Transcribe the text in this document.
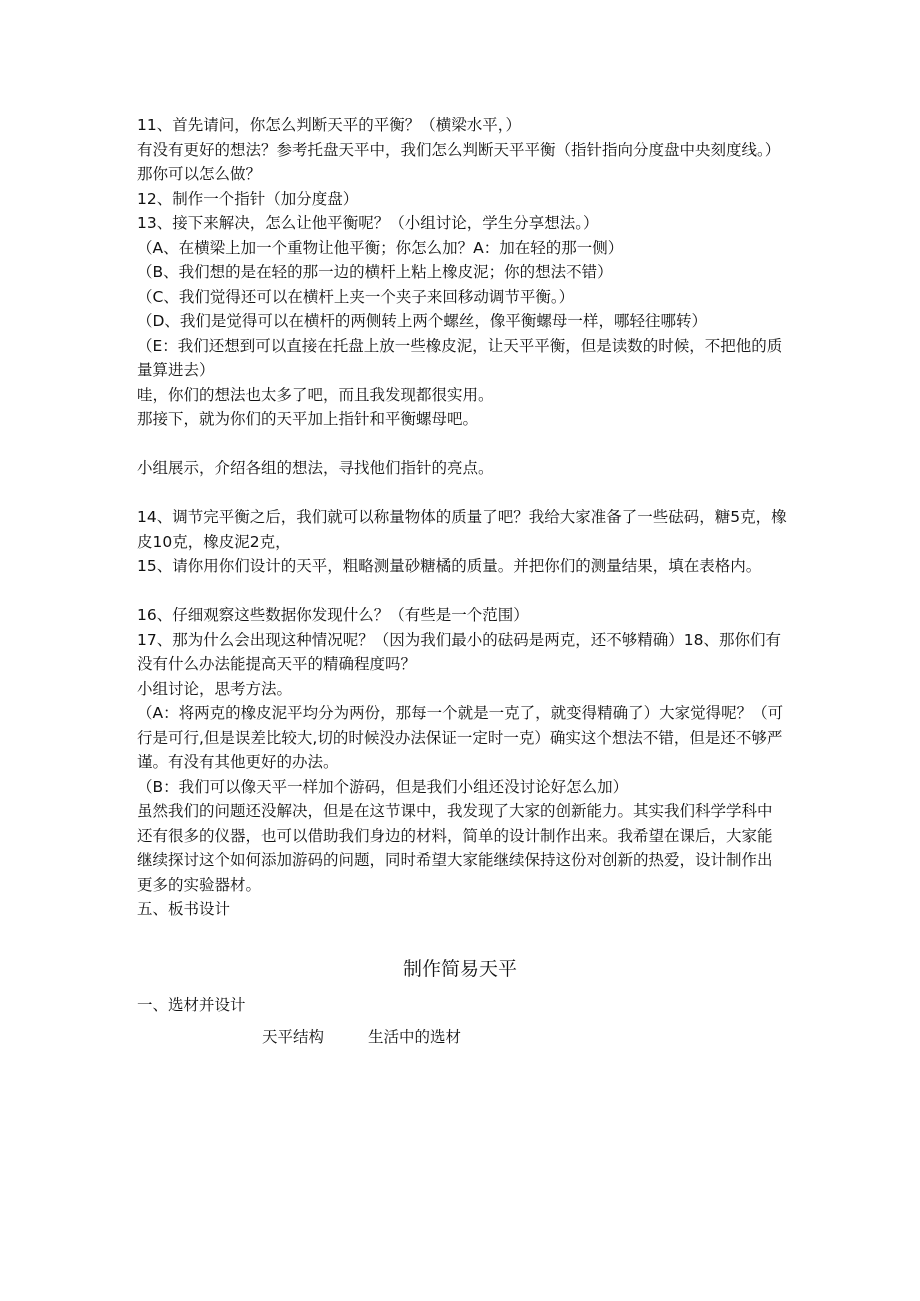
11、首先请问，你怎么判断天平的平衡？（横梁水平，）

有没有更好的想法？参考托盘天平中，我们怎么判断天平平衡（指针指向分度盘中央刻度线。）那你可以怎么做？

12、制作一个指针（加分度盘）

13、接下来解决，怎么让他平衡呢？（小组讨论，学生分享想法。）

（A、在横梁上加一个重物让他平衡；你怎么加？A：加在轻的那一侧）

（B、我们想的是在轻的那一边的横杆上粘上橡皮泥；你的想法不错）

（C、我们觉得还可以在横杆上夹一个夹子来回移动调节平衡。）

（D、我们是觉得可以在横杆的两侧转上两个螺丝，像平衡螺母一样，哪轻往哪转）

（E：我们还想到可以直接在托盘上放一些橡皮泥，让天平平衡，但是读数的时候，不把他的质量算进去）

哇，你们的想法也太多了吧，而且我发现都很实用。

那接下，就为你们的天平加上指针和平衡螺母吧。

小组展示，介绍各组的想法，寻找他们指针的亮点。

14、调节完平衡之后，我们就可以称量物体的质量了吧？我给大家准备了一些砝码，糖5克，橡皮10克，橡皮泥2克，

15、请你用你们设计的天平，粗略测量砂糖橘的质量。并把你们的测量结果，填在表格内。

16、仔细观察这些数据你发现什么？（有些是一个范围）

17、那为什么会出现这种情况呢？（因为我们最小的砝码是两克，还不够精确）18、那你们有没有什么办法能提高天平的精确程度吗？

小组讨论，思考方法。

（A：将两克的橡皮泥平均分为两份，那每一个就是一克了，就变得精确了）大家觉得呢？（可行是可行,但是误差比较大,切的时候没办法保证一定时一克）确实这个想法不错，但是还不够严谨。有没有其他更好的办法。

（B：我们可以像天平一样加个游码，但是我们小组还没讨论好怎么加）

虽然我们的问题还没解决，但是在这节课中，我发现了大家的创新能力。其实我们科学学科中还有很多的仪器，也可以借助我们身边的材料，简单的设计制作出来。我希望在课后，大家能继续探讨这个如何添加游码的问题，同时希望大家能继续保持这份对创新的热爱，设计制作出更多的实验器材。

五、板书设计

制作简易天平
一、选材并设计
天平结构	生活中的选材
